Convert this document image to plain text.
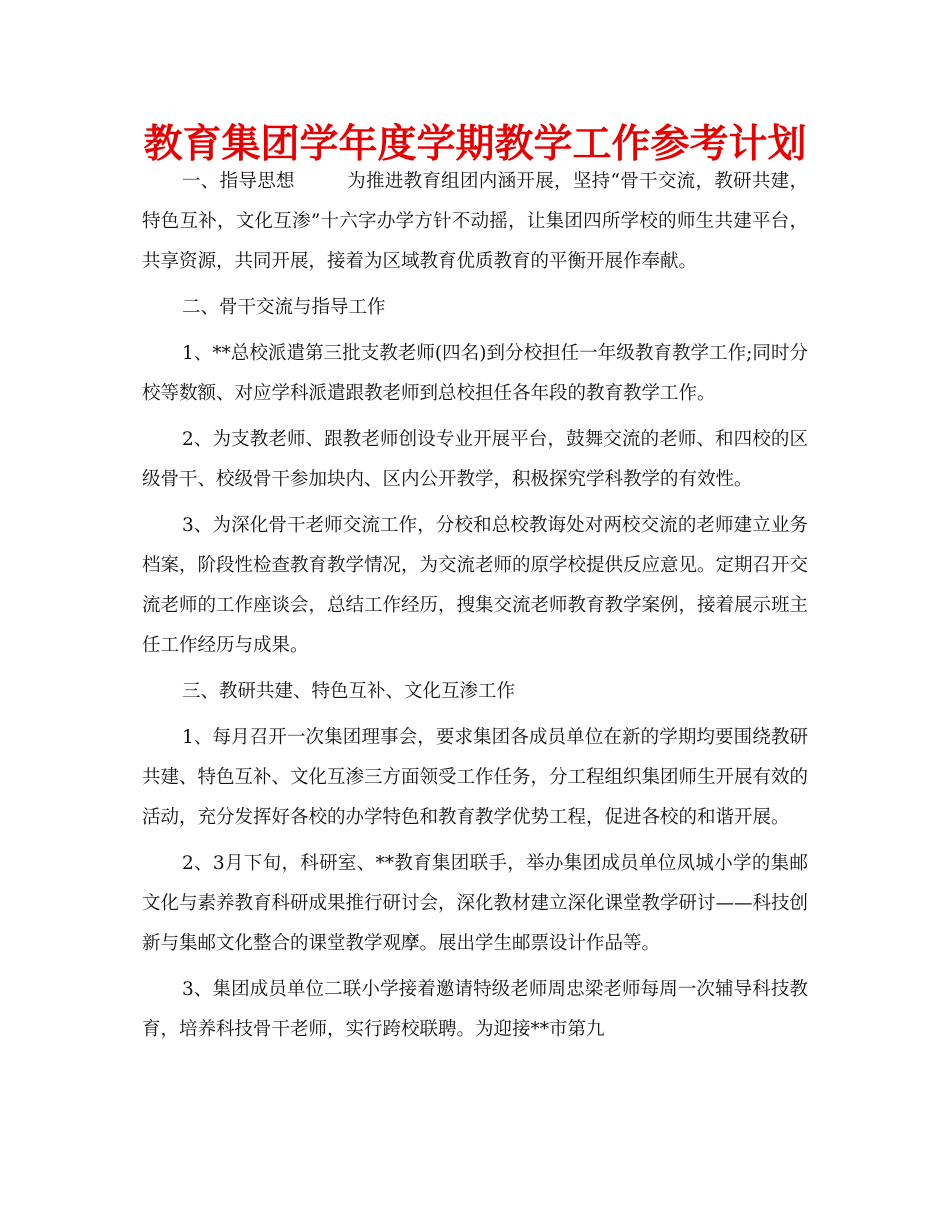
教育集团学年度学期教学工作参考计划

一、指导思想	为推进教育组团内涵开展，坚持“骨干交流，教研共建，特色互补，文化互渗”十六字办学方针不动摇，让集团四所学校的师生共建平台，共享资源，共同开展，接着为区域教育优质教育的平衡开展作奉献。

二、骨干交流与指导工作

1、**总校派遣第三批支教老师(四名)到分校担任一年级教育教学工作;同时分校等数额、对应学科派遣跟教老师到总校担任各年段的教育教学工作。

2、为支教老师、跟教老师创设专业开展平台，鼓舞交流的老师、和四校的区级骨干、校级骨干参加块内、区内公开教学，积极探究学科教学的有效性。

3、为深化骨干老师交流工作，分校和总校教诲处对两校交流的老师建立业务档案，阶段性检查教育教学情况，为交流老师的原学校提供反应意见。定期召开交流老师的工作座谈会，总结工作经历，搜集交流老师教育教学案例，接着展示班主任工作经历与成果。

三、教研共建、特色互补、文化互渗工作

1、每月召开一次集团理事会，要求集团各成员单位在新的学期均要围绕教研共建、特色互补、文化互渗三方面领受工作任务，分工程组织集团师生开展有效的活动，充分发挥好各校的办学特色和教育教学优势工程，促进各校的和谐开展。

2、3月下旬，科研室、**教育集团联手，举办集团成员单位凤城小学的集邮文化与素养教育科研成果推行研讨会，深化教材建立深化课堂教学研讨——科技创新与集邮文化整合的课堂教学观摩。展出学生邮票设计作品等。

3、集团成员单位二联小学接着邀请特级老师周忠梁老师每周一次辅导科技教育，培养科技骨干老师，实行跨校联聘。为迎接**市第九
